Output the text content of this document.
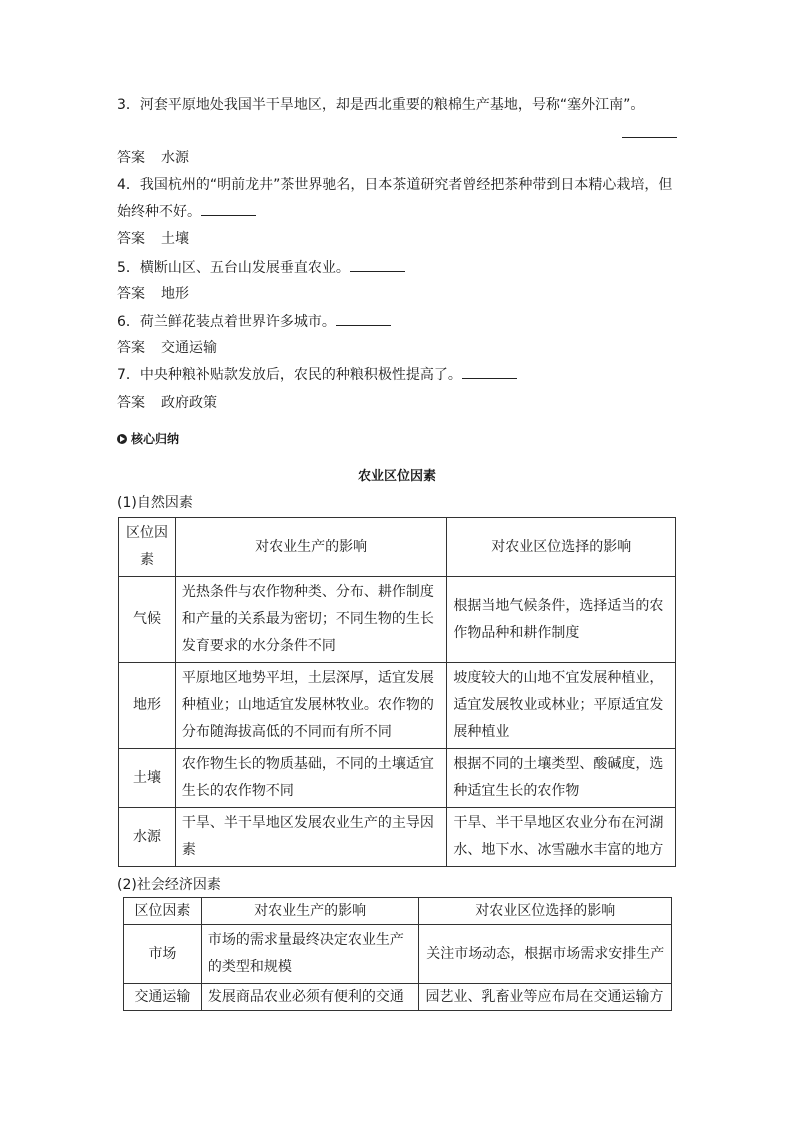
3．河套平原地处我国半干旱地区，却是西北重要的粮棉生产基地，号称“塞外江南”。
答案 水源
4．我国杭州的“明前龙井”茶世界驰名，日本茶道研究者曾经把茶种带到日本精心栽培，但始终种不好。
答案 土壤
5．横断山区、五台山发展垂直农业。
答案 地形
6．荷兰鲜花装点着世界许多城市。
答案 交通运输
7．中央种粮补贴款发放后，农民的种粮积极性提高了。
答案 政府政策
核心归纳
农业区位因素
(1)自然因素
区位因素	对农业生产的影响	对农业区位选择的影响
气候	光热条件与农作物种类、分布、耕作制度和产量的关系最为密切；不同生物的生长发育要求的水分条件不同	根据当地气候条件，选择适当的农作物品种和耕作制度
地形	平原地区地势平坦，土层深厚，适宜发展种植业；山地适宜发展林牧业。农作物的分布随海拔高低的不同而有所不同	坡度较大的山地不宜发展种植业，适宜发展牧业或林业；平原适宜发展种植业
土壤	农作物生长的物质基础，不同的土壤适宜生长的农作物不同	根据不同的土壤类型、酸碱度，选种适宜生长的农作物
水源	干旱、半干旱地区发展农业生产的主导因素	干旱、半干旱地区农业分布在河湖水、地下水、冰雪融水丰富的地方
(2)社会经济因素
区位因素	对农业生产的影响	对农业区位选择的影响
市场	市场的需求量最终决定农业生产的类型和规模	关注市场动态，根据市场需求安排生产
交通运输	发展商品农业必须有便利的交通	园艺业、乳畜业等应布局在交通运输方
